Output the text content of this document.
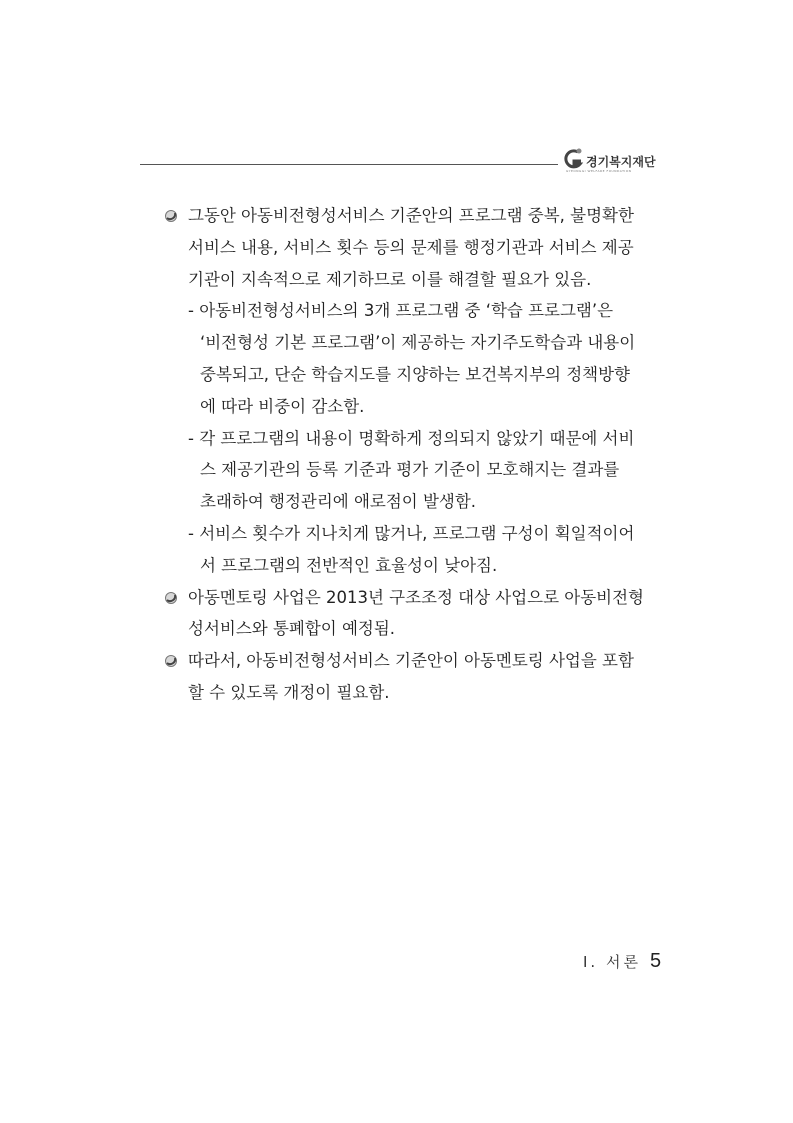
경기복지재단
GYEONGGI WELFARE FOUNDATION
그동안 아동비전형성서비스 기준안의 프로그램 중복, 불명확한
서비스 내용, 서비스 횟수 등의 문제를 행정기관과 서비스 제공
기관이 지속적으로 제기하므로 이를 해결할 필요가 있음.
- 아동비전형성서비스의 3개 프로그램 중 ‘학습 프로그램’은
‘비전형성 기본 프로그램’이 제공하는 자기주도학습과 내용이
중복되고, 단순 학습지도를 지양하는 보건복지부의 정책방향
에 따라 비중이 감소함.
- 각 프로그램의 내용이 명확하게 정의되지 않았기 때문에 서비
스 제공기관의 등록 기준과 평가 기준이 모호해지는 결과를
초래하여 행정관리에 애로점이 발생함.
- 서비스 횟수가 지나치게 많거나, 프로그램 구성이 획일적이어
서 프로그램의 전반적인 효율성이 낮아짐.
아동멘토링 사업은 2013년 구조조정 대상 사업으로 아동비전형
성서비스와 통폐합이 예정됨.
따라서, 아동비전형성서비스 기준안이 아동멘토링 사업을 포함
할 수 있도록 개정이 필요함.
Ⅰ. 서론 5
